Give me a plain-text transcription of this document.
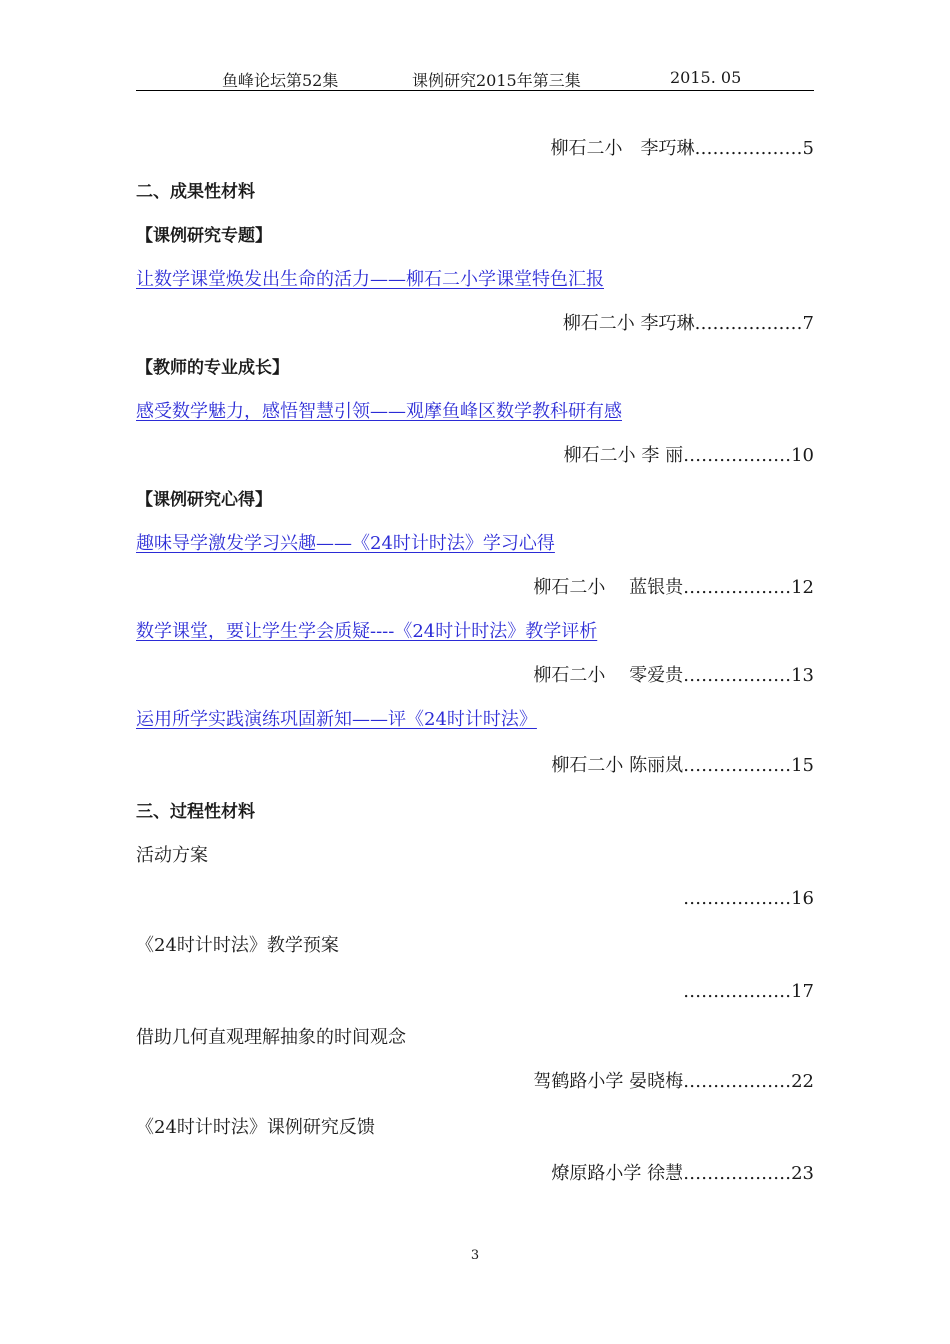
鱼峰论坛第52集	课例研究2015年第三集	2015. 05
柳石二小　李巧琳………………5
二、成果性材料
【课例研究专题】
让数学课堂焕发出生命的活力——柳石二小学课堂特色汇报
柳石二小 李巧琳………………7
【教师的专业成长】
感受数学魅力，感悟智慧引领——观摩鱼峰区数学教科研有感
柳石二小 李 丽………………10
【课例研究心得】
趣味导学激发学习兴趣——《24时计时法》学习心得
柳石二小　 蓝银贵………………12
数学课堂，要让学生学会质疑----《24时计时法》教学评析
柳石二小　 零爱贵………………13
运用所学实践演练巩固新知——评《24时计时法》
柳石二小 陈丽岚………………15
三、过程性材料
活动方案
………………16
《24时计时法》教学预案
………………17
借助几何直观理解抽象的时间观念
驾鹤路小学 晏晓梅………………22
《24时计时法》课例研究反馈
燎原路小学 徐慧………………23
3
